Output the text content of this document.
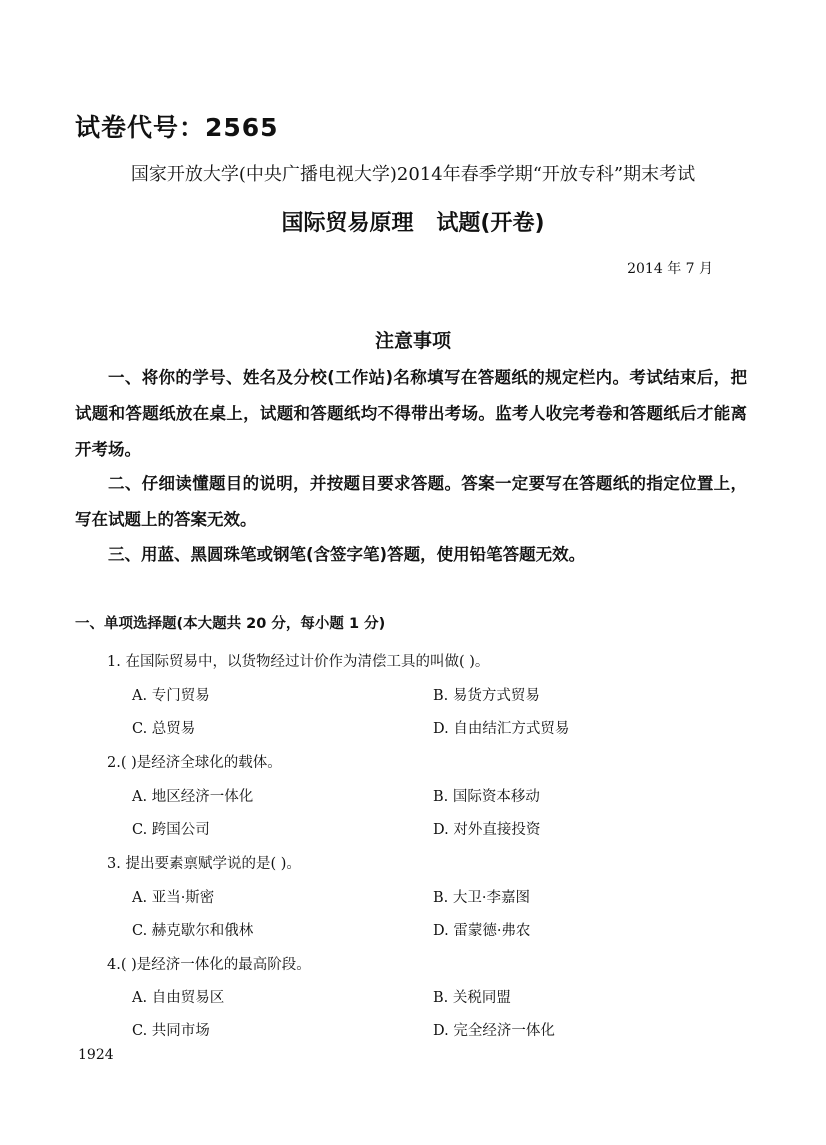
试卷代号：2565
国家开放大学(中央广播电视大学)2014年春季学期“开放专科”期末考试
国际贸易原理   试题(开卷)
2014 年 7 月
注意事项
一、将你的学号、姓名及分校(工作站)名称填写在答题纸的规定栏内。考试结束后，把试题和答题纸放在桌上，试题和答题纸均不得带出考场。监考人收完考卷和答题纸后才能离开考场。
二、仔细读懂题目的说明，并按题目要求答题。答案一定要写在答题纸的指定位置上，写在试题上的答案无效。
三、用蓝、黑圆珠笔或钢笔(含签字笔)答题，使用铅笔答题无效。
一、单项选择题(本大题共 20 分，每小题 1 分)
1. 在国际贸易中，以货物经过计价作为清偿工具的叫做( )。
A. 专门贸易	B. 易货方式贸易
C. 总贸易	D. 自由结汇方式贸易
2.( )是经济全球化的载体。
A. 地区经济一体化	B. 国际资本移动
C. 跨国公司	D. 对外直接投资
3. 提出要素禀赋学说的是( )。
A. 亚当·斯密	B. 大卫·李嘉图
C. 赫克歇尔和俄林	D. 雷蒙德·弗农
4.( )是经济一体化的最高阶段。
A. 自由贸易区	B. 关税同盟
C. 共同市场	D. 完全经济一体化
1924
